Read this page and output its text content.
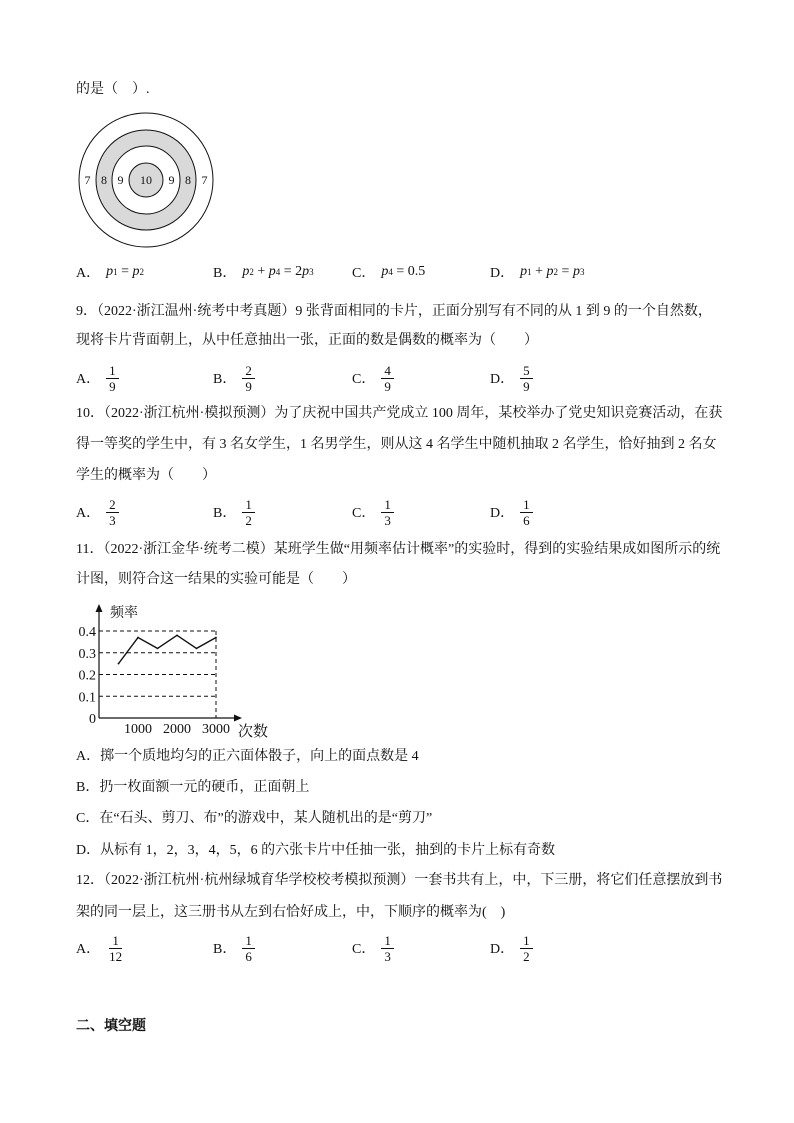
的是（　）.
7 8 9 10 9 8 7
A． p 1 = p 2	B． p 2 + p 4 = 2 p 3	C． p 4 = 0.5	D． p 1 + p 2 = p 3
9．（2022·浙江温州·统考中考真题）9 张背面相同的卡片，正面分别写有不同的从 1 到 9 的一个自然数，
现将卡片背面朝上，从中任意抽出一张，正面的数是偶数的概率为（　　）
A． $\frac{1}{9}$	B． $\frac{2}{9}$	C． $\frac{4}{9}$	D． $\frac{5}{9}$
10．（2022·浙江杭州·模拟预测）为了庆祝中国共产党成立 100 周年，某校举办了党史知识竞赛活动，在获
得一等奖的学生中，有 3 名女学生，1 名男学生，则从这 4 名学生中随机抽取 2 名学生，恰好抽到 2 名女
学生的概率为（　　）
A． $\frac{2}{3}$	B． $\frac{1}{2}$	C． $\frac{1}{3}$	D． $\frac{1}{6}$
11．（2022·浙江金华·统考二模）某班学生做“用频率估计概率”的实验时，得到的实验结果成如图所示的统
计图，则符合这一结果的实验可能是（　　）
0.4
0.3
0.2
0.1
1000 2000 3000
0
频率
次数
A．掷一个质地均匀的正六面体骰子，向上的面点数是 4
B．扔一枚面额一元的硬币，正面朝上
C．在“石头、剪刀、布”的游戏中，某人随机出的是“剪刀”
D．从标有 1，2，3，4，5，6 的六张卡片中任抽一张，抽到的卡片上标有奇数
12．（2022·浙江杭州·杭州绿城育华学校校考模拟预测）一套书共有上，中，下三册，将它们任意摆放到书
架的同一层上，这三册书从左到右恰好成上，中，下顺序的概率为(　)
A． $\frac{1}{12}$	B． $\frac{1}{6}$	C． $\frac{1}{3}$	D． $\frac{1}{2}$
二、填空题
